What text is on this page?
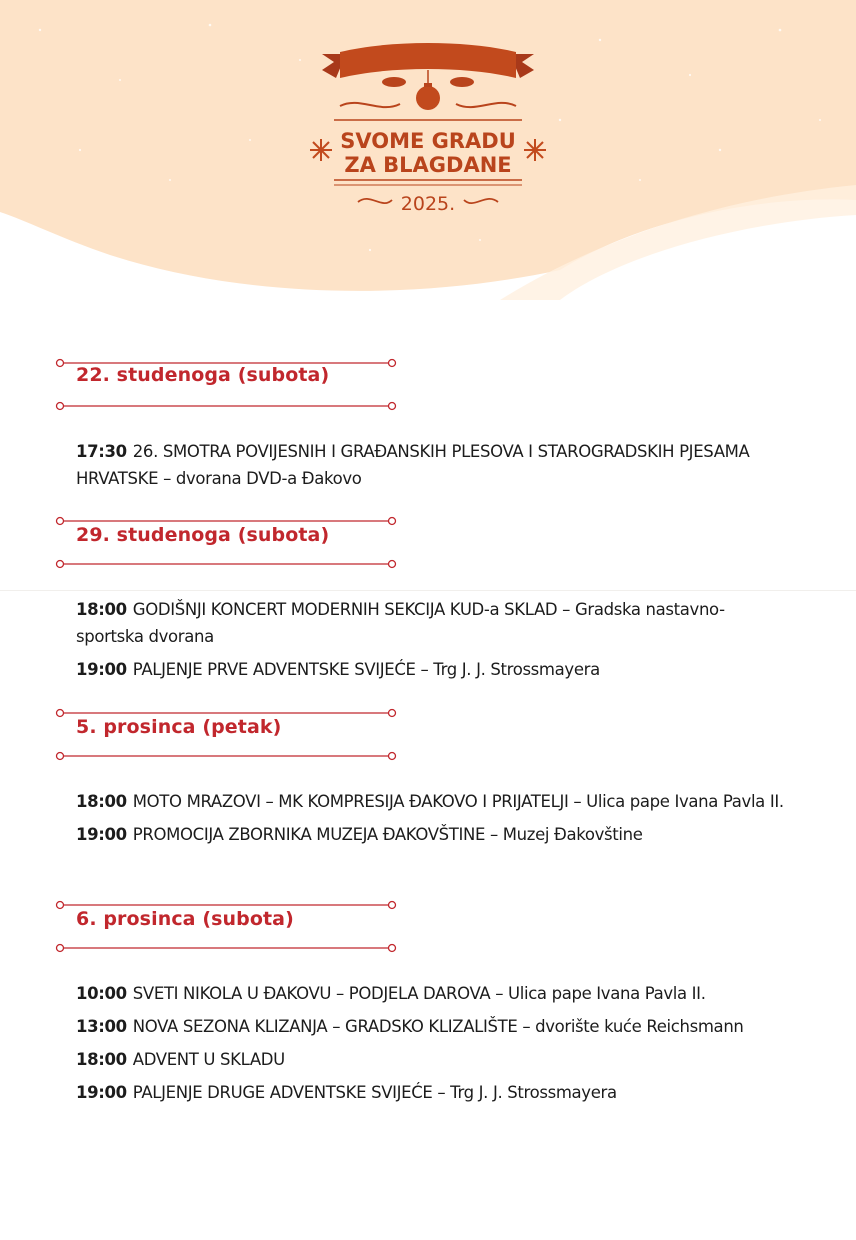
SVOME GRADU
ZA BLAGDANE
2025.
22. studenoga (subota)
17:30 26. SMOTRA POVIJESNIH I GRAĐANSKIH PLESOVA I STAROGRADSKIH PJESAMA HRVATSKE – dvorana DVD-a Đakovo
29. studenoga (subota)
18:00 GODIŠNJI KONCERT MODERNIH SEKCIJA KUD-a SKLAD – Gradska nastavno-sportska dvorana
19:00 PALJENJE PRVE ADVENTSKE SVIJEĆE – Trg J. J. Strossmayera
5. prosinca (petak)
18:00 MOTO MRAZOVI – MK KOMPRESIJA ĐAKOVO I PRIJATELJI – Ulica pape Ivana Pavla II.
19:00 PROMOCIJA ZBORNIKA MUZEJA ĐAKOVŠTINE – Muzej Đakovštine
6. prosinca (subota)
10:00 SVETI NIKOLA U ĐAKOVU – PODJELA DAROVA – Ulica pape Ivana Pavla II.
13:00 NOVA SEZONA KLIZANJA – GRADSKO KLIZALIŠTE – dvorište kuće Reichsmann
18:00 ADVENT U SKLADU
19:00 PALJENJE DRUGE ADVENTSKE SVIJEĆE – Trg J. J. Strossmayera
